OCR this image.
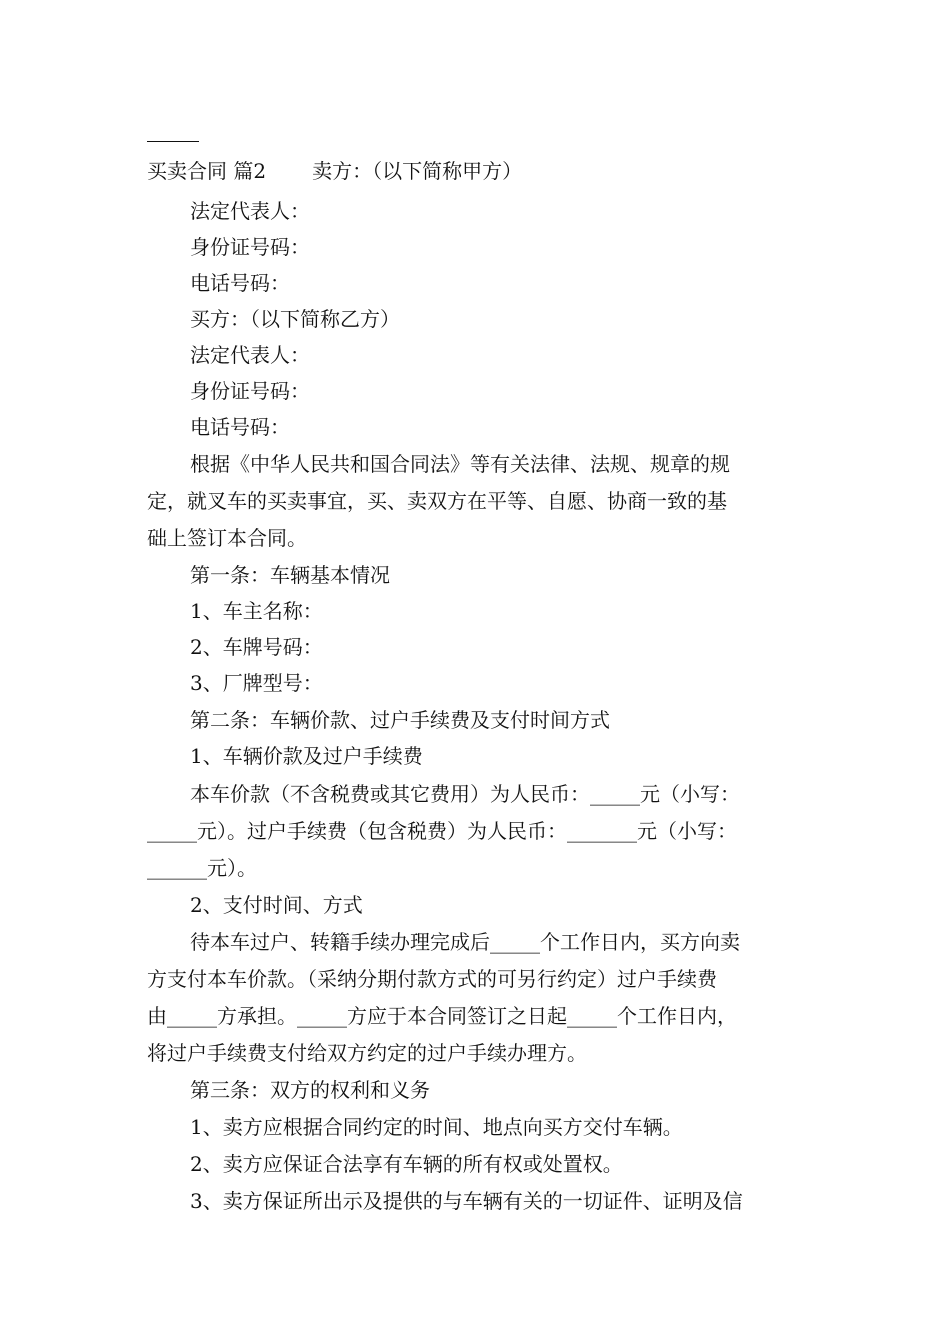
买卖合同 篇2 卖方：（以下简称甲方）
法定代表人：
身份证号码：
电话号码：
买方：（以下简称乙方）
法定代表人：
身份证号码：
电话号码：
根据《中华人民共和国合同法》等有关法律、法规、规章的规
定，就叉车的买卖事宜，买、卖双方在平等、自愿、协商一致的基
础上签订本合同。
第一条：车辆基本情况
1、车主名称：
2、车牌号码：
3、厂牌型号：
第二条：车辆价款、过户手续费及支付时间方式
1、车辆价款及过户手续费
本车价款（不含税费或其它费用）为人民币：_____元（小写：
_____元）。过户手续费（包含税费）为人民币：_______元（小写：
______元）。
2、支付时间、方式
待本车过户、转籍手续办理完成后_____个工作日内，买方向卖
方支付本车价款。（采纳分期付款方式的可另行约定）过户手续费
由_____方承担。_____方应于本合同签订之日起_____个工作日内，
将过户手续费支付给双方约定的过户手续办理方。
第三条：双方的权利和义务
1、卖方应根据合同约定的时间、地点向买方交付车辆。
2、卖方应保证合法享有车辆的所有权或处置权。
3、卖方保证所出示及提供的与车辆有关的一切证件、证明及信
